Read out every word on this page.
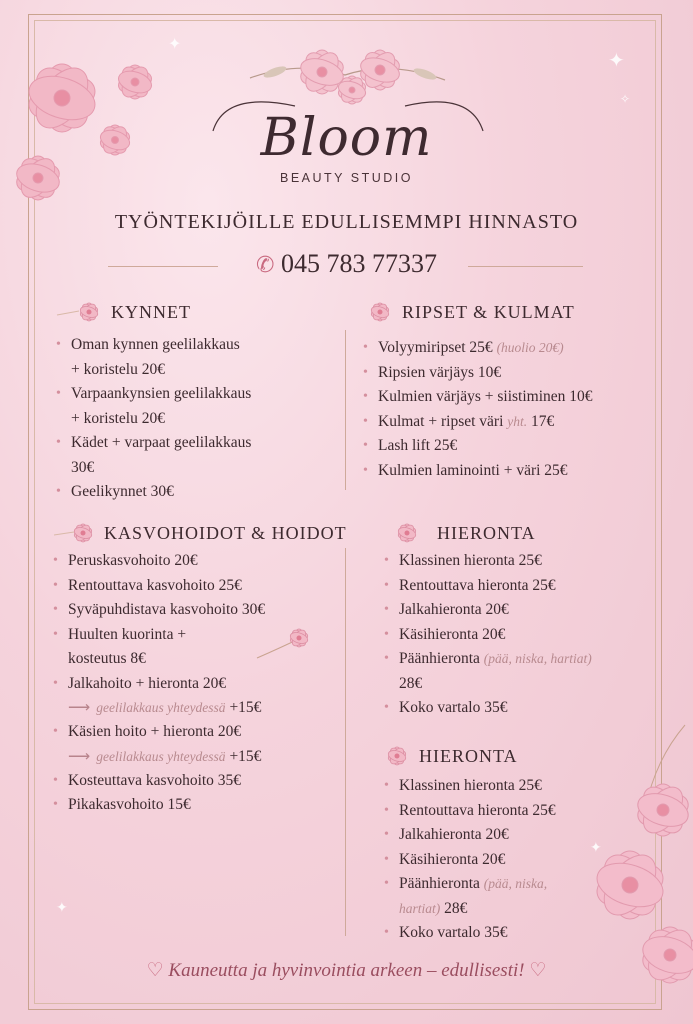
✦
✦
✧
✦
✦
Bloom
BEAUTY STUDIO
TYÖNTEKIJÖILLE EDULLISEMMPI HINNASTO
✆ 045 783 77337
KYNNET
• Oman kynnen geelilakkaus
+ koristelu 20€
• Varpaankynsien geelilakkaus
+ koristelu 20€
• Kädet + varpaat geelilakkaus
30€
• Geelikynnet 30€
RIPSET & KULMAT
• Volyymiripset 25€ (huolio 20€)
• Ripsien värjäys 10€
• Kulmien värjäys + siistiminen 10€
• Kulmat + ripset väri yht. 17€
• Lash lift 25€
• Kulmien laminointi + väri 25€
KASVOHOIDOT & HOIDOT
• Peruskasvohoito 20€
• Rentouttava kasvohoito 25€
• Syväpuhdistava kasvohoito 30€
• Huulten kuorinta +
kosteutus 8€
• Jalkahoito + hieronta 20€
⟶ geelilakkaus yhteydessä +15€
• Käsien hoito + hieronta 20€
⟶ geelilakkaus yhteydessä +15€
• Kosteuttava kasvohoito 35€
• Pikakasvohoito 15€
HIERONTA
• Klassinen hieronta 25€
• Rentouttava hieronta 25€
• Jalkahieronta 20€
• Käsihieronta 20€
• Päänhieronta (pää, niska, hartiat)
28€
• Koko vartalo 35€
HIERONTA
• Klassinen hieronta 25€
• Rentouttava hieronta 25€
• Jalkahieronta 20€
• Käsihieronta 20€
• Päänhieronta (pää, niska,
hartiat) 28€
• Koko vartalo 35€
♡ Kauneutta ja hyvinvointia arkeen – edullisesti! ♡
